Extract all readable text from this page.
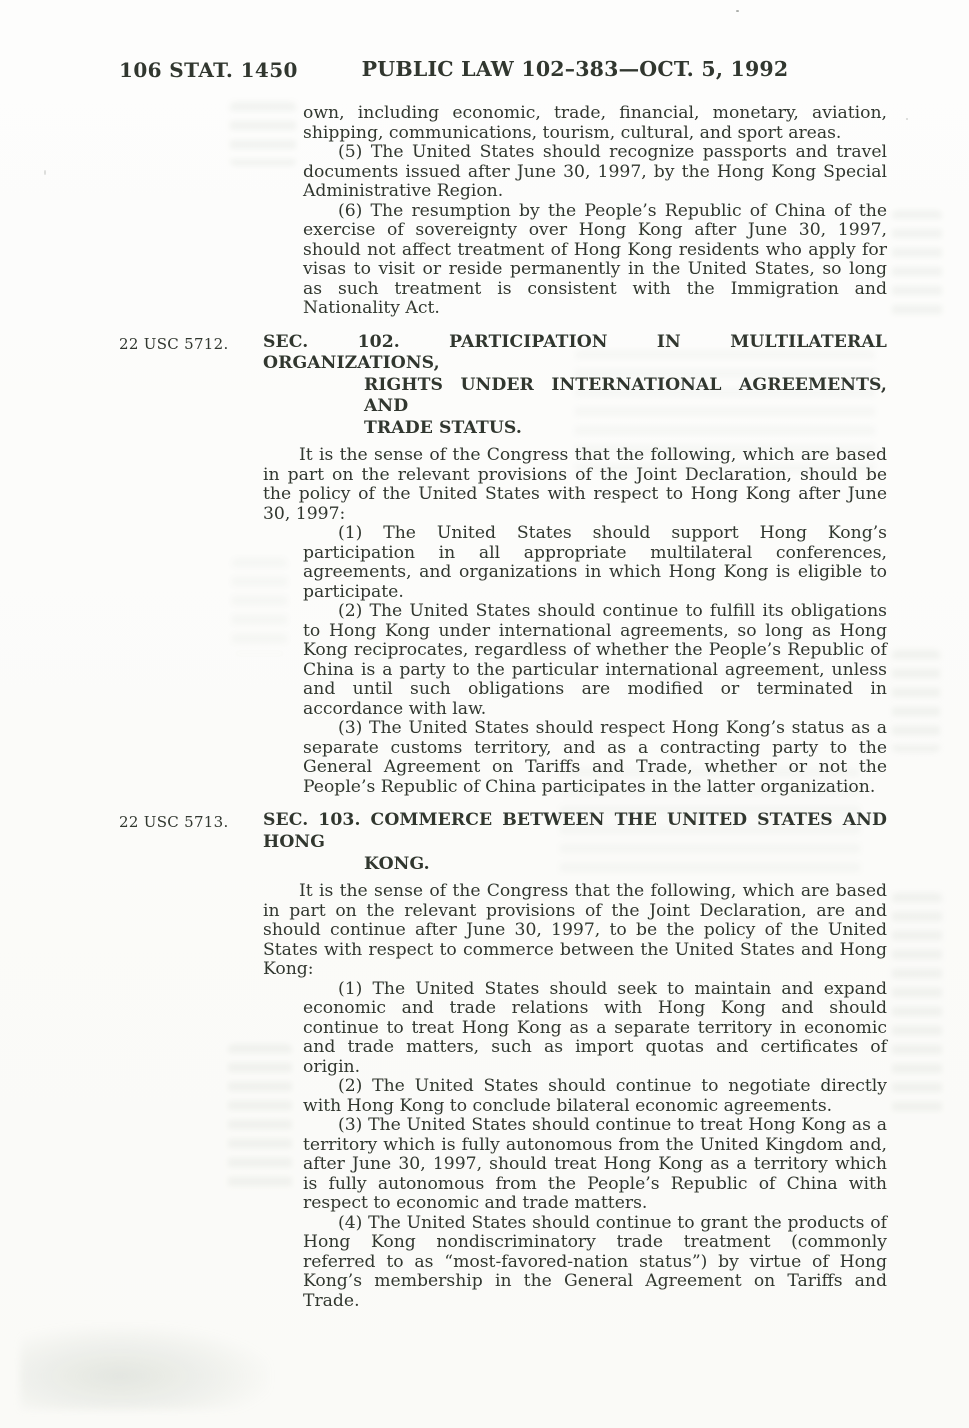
106 STAT. 1450	PUBLIC LAW 102–383—OCT. 5, 1992

own, including economic, trade, financial, monetary, aviation, shipping, communications, tourism, cultural, and sport areas.

(5) The United States should recognize passports and travel documents issued after June 30, 1997, by the Hong Kong Special Administrative Region.

(6) The resumption by the People’s Republic of China of the exercise of sovereignty over Hong Kong after June 30, 1997, should not affect treatment of Hong Kong residents who apply for visas to visit or reside permanently in the United States, so long as such treatment is consistent with the Immigration and Nationality Act.

22 USC 5712. SEC. 102. PARTICIPATION IN MULTILATERAL ORGANIZATIONS,
RIGHTS UNDER INTERNATIONAL AGREEMENTS, AND
TRADE STATUS.

It is the sense of the Congress that the following, which are based in part on the relevant provisions of the Joint Declaration, should be the policy of the United States with respect to Hong Kong after June 30, 1997:

(1) The United States should support Hong Kong’s participation in all appropriate multilateral conferences, agreements, and organizations in which Hong Kong is eligible to participate.

(2) The United States should continue to fulfill its obligations to Hong Kong under international agreements, so long as Hong Kong reciprocates, regardless of whether the People’s Republic of China is a party to the particular international agreement, unless and until such obligations are modified or terminated in accordance with law.

(3) The United States should respect Hong Kong’s status as a separate customs territory, and as a contracting party to the General Agreement on Tariffs and Trade, whether or not the People’s Republic of China participates in the latter organization.

22 USC 5713. SEC. 103. COMMERCE BETWEEN THE UNITED STATES AND HONG
KONG.

It is the sense of the Congress that the following, which are based in part on the relevant provisions of the Joint Declaration, are and should continue after June 30, 1997, to be the policy of the United States with respect to commerce between the United States and Hong Kong:

(1) The United States should seek to maintain and expand economic and trade relations with Hong Kong and should continue to treat Hong Kong as a separate territory in economic and trade matters, such as import quotas and certificates of origin.

(2) The United States should continue to negotiate directly with Hong Kong to conclude bilateral economic agreements.

(3) The United States should continue to treat Hong Kong as a territory which is fully autonomous from the United Kingdom and, after June 30, 1997, should treat Hong Kong as a territory which is fully autonomous from the People’s Republic of China with respect to economic and trade matters.

(4) The United States should continue to grant the products of Hong Kong nondiscriminatory trade treatment (commonly referred to as “most-favored-nation status”) by virtue of Hong Kong’s membership in the General Agreement on Tariffs and Trade.
